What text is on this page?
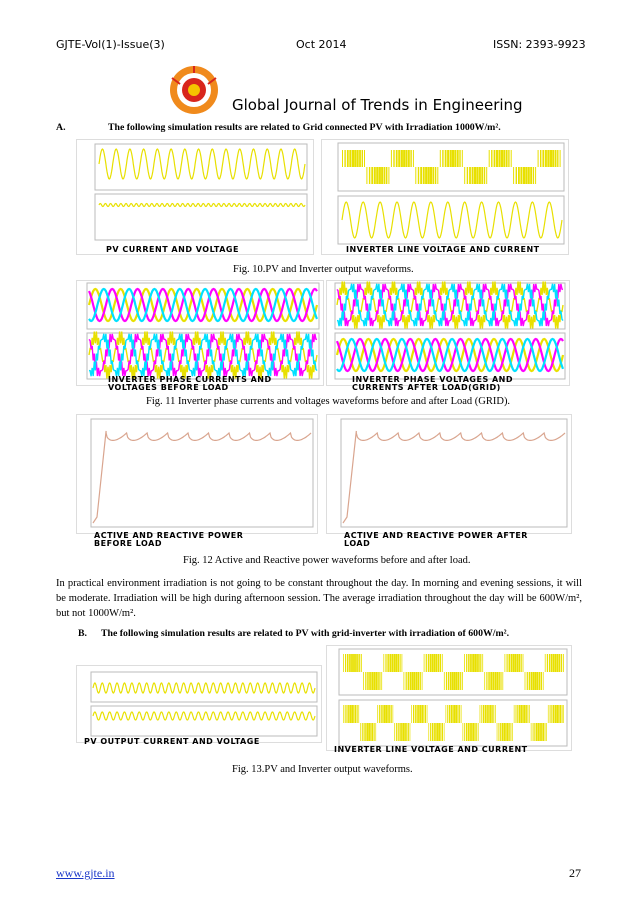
GJTE-Vol(1)-Issue(3)	Oct 2014	ISSN: 2393-9923
Global Journal of Trends in Engineering
A.	The following simulation results are related to Grid connected PV with Irradiation 1000W/m².
PV CURRENT AND VOLTAGE	INVERTER LINE VOLTAGE AND CURRENT
Fig. 10.PV and Inverter output waveforms.
INVERTER PHASE CURRENTS AND
VOLTAGES BEFORE LOAD
INVERTER PHASE VOLTAGES AND
CURRENTS AFTER LOAD(GRID)
Fig. 11 Inverter phase currents and voltages waveforms before and after Load (GRID).
ACTIVE AND REACTIVE POWER
BEFORE LOAD
ACTIVE AND REACTIVE POWER AFTER
LOAD
Fig. 12 Active and Reactive power waveforms before and after load.
In practical environment irradiation is not going to be constant throughout the day. In morning and evening sessions, it will be moderate. Irradiation will be high during afternoon session. The average irradiation throughout the day will be 600W/m², but not 1000W/m².
B. The following simulation results are related to PV with grid-inverter with irradiation of 600W/m².
PV OUTPUT CURRENT AND VOLTAGE
INVERTER LINE VOLTAGE AND CURRENT
Fig. 13.PV and Inverter output waveforms.
www.gjte.in	27
